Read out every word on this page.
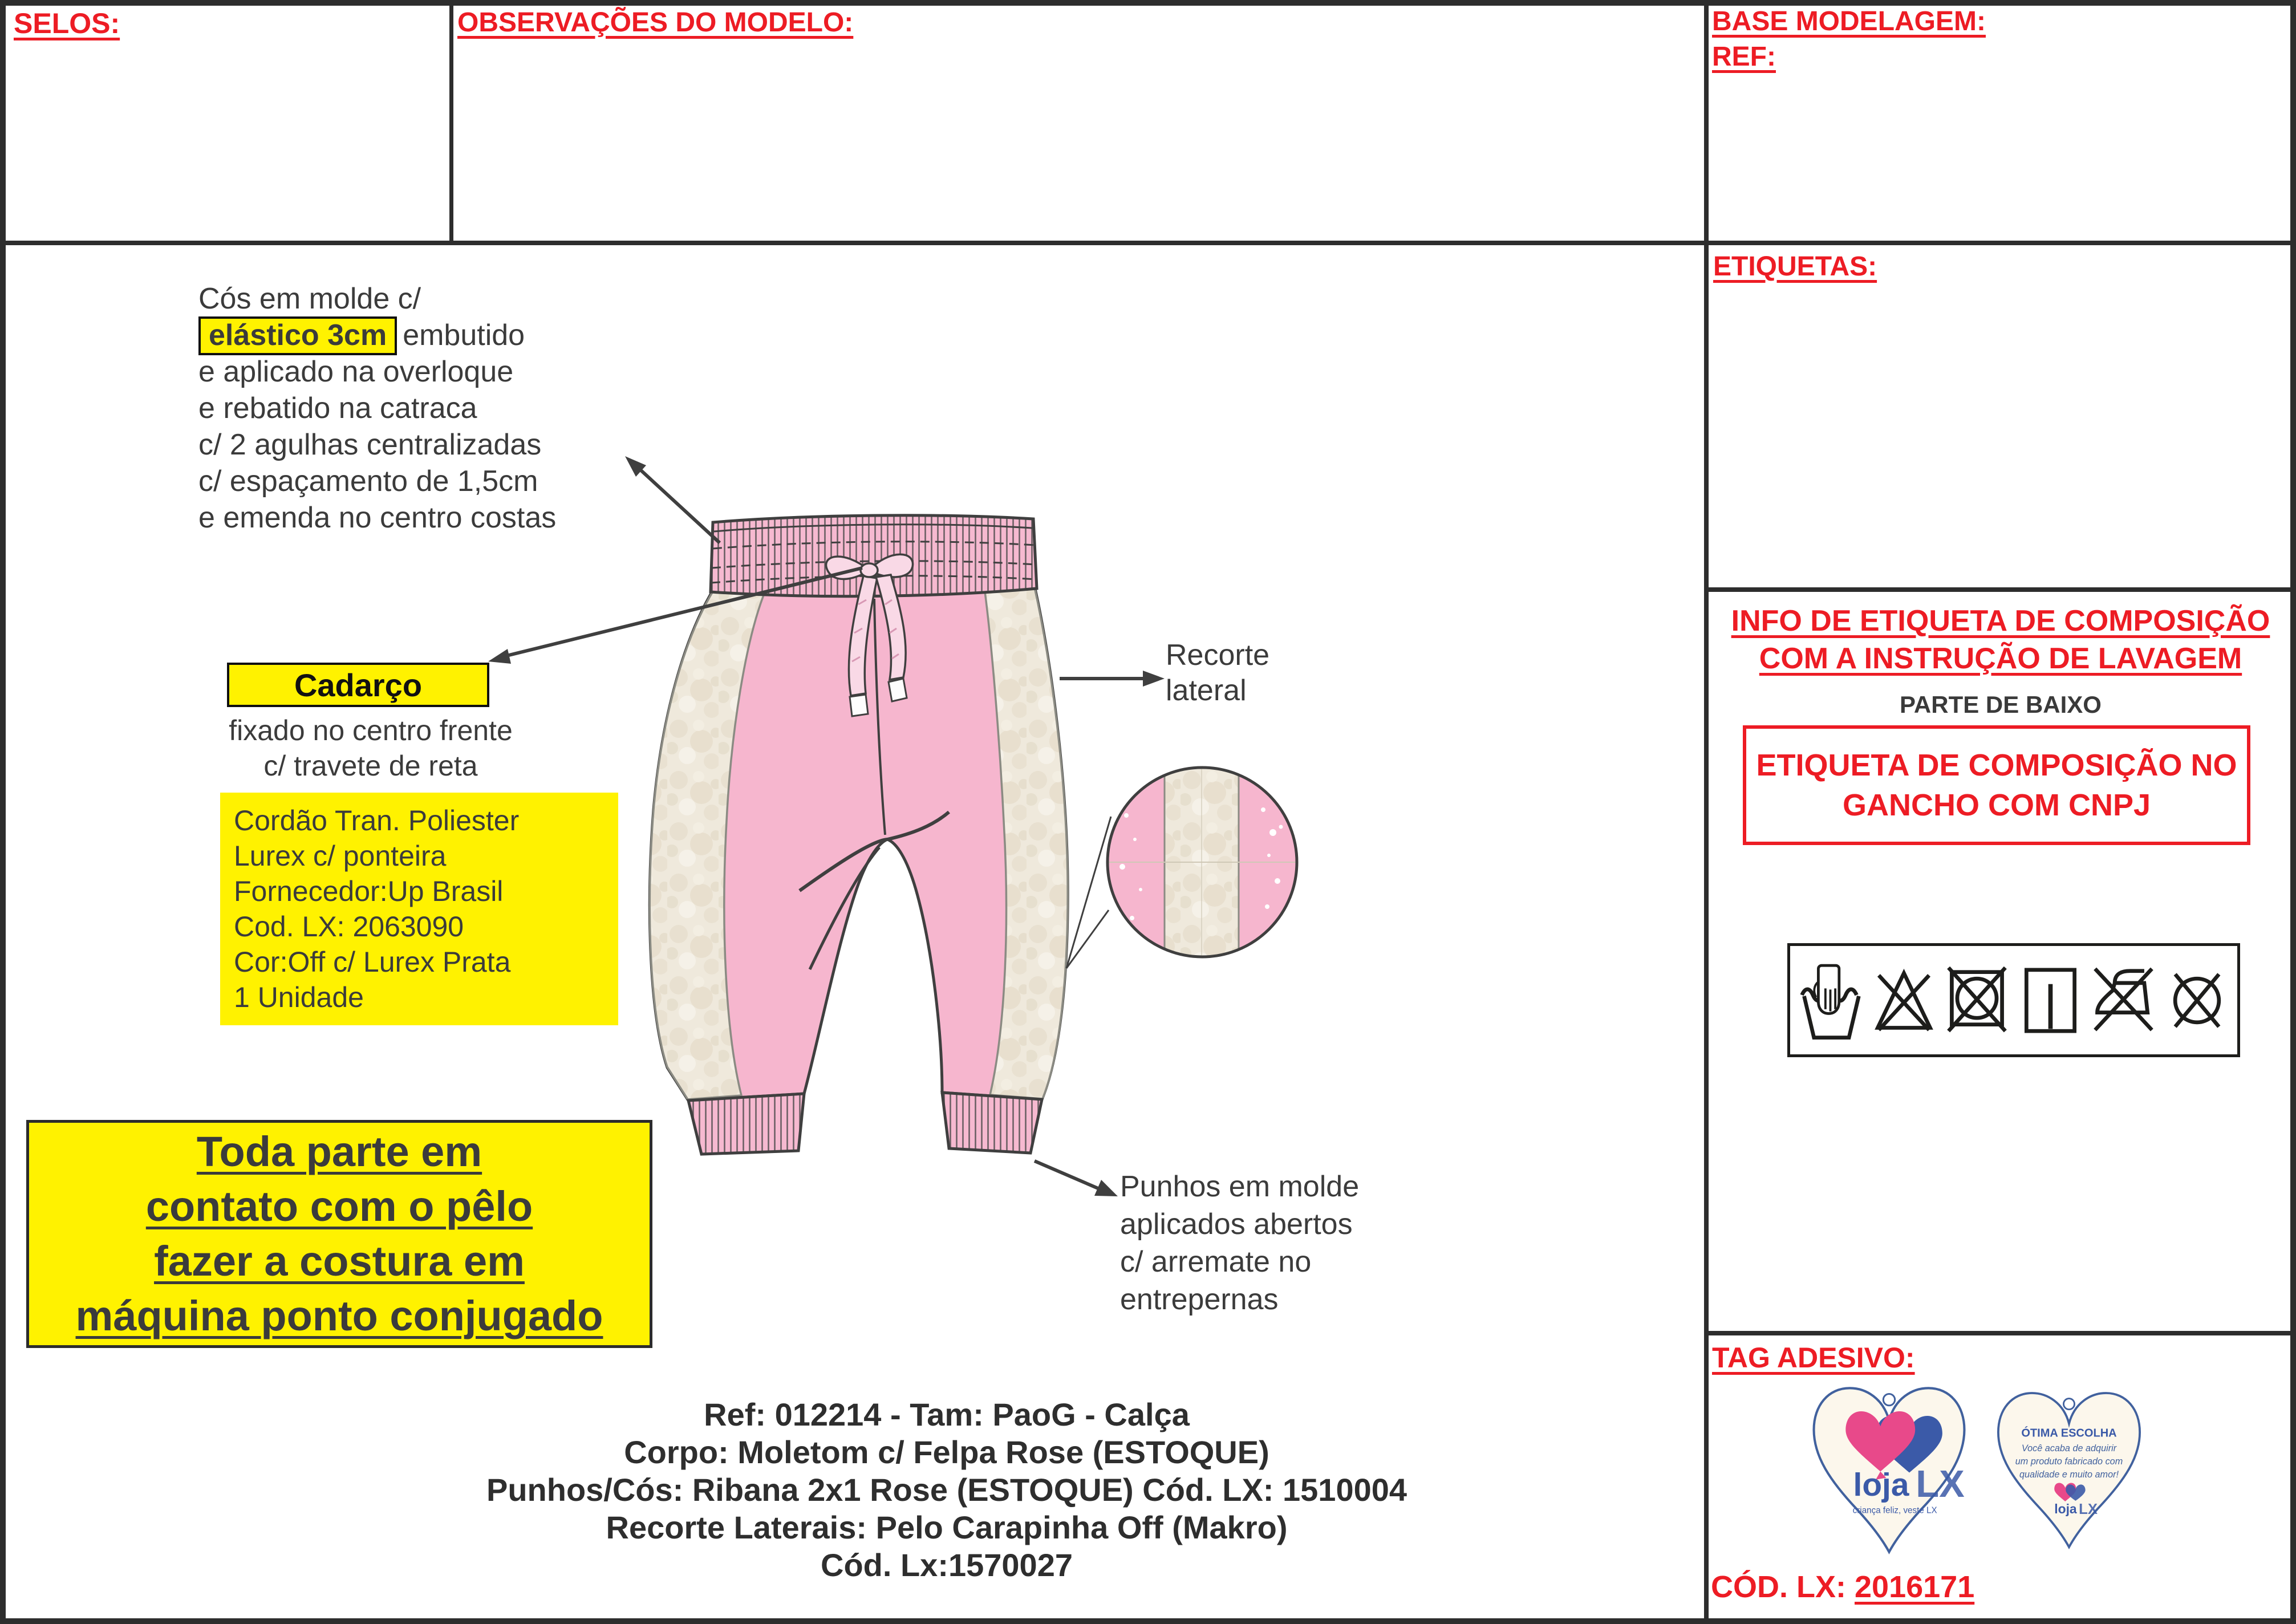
SELOS:	OBSERVAÇÕES DO MODELO:	BASE MODELAGEM:
REF:
Cós em molde c/
elástico 3cm embutido
e aplicado na overloque
e rebatido na catraca
c/ 2 agulhas centralizadas
c/ espaçamento de 1,5cm
e emenda no centro costas
Cadarço
fixado no centro frente
c/ travete de reta
Cordão Tran. Poliester
Lurex c/ ponteira
Fornecedor:Up Brasil
Cod. LX: 2063090
Cor:Off c/ Lurex Prata
1 Unidade
Recorte
lateral
Punhos em molde
aplicados abertos
c/ arremate no
entrepernas
Toda parte em
contato com o pêlo
fazer a costura em
máquina ponto conjugado
Ref: 012214 - Tam: PaoG - Calça
Corpo: Moletom c/ Felpa Rose (ESTOQUE)
Punhos/Cós: Ribana 2x1 Rose (ESTOQUE) Cód. LX: 1510004
Recorte Laterais: Pelo Carapinha Off (Makro)
Cód. Lx:1570027
ETIQUETAS:
INFO DE ETIQUETA DE COMPOSIÇÃO
COM A INSTRUÇÃO DE LAVAGEM
PARTE DE BAIXO
ETIQUETA DE COMPOSIÇÃO NO
GANCHO COM CNPJ
TAG ADESIVO:
loja LX
criança feliz, veste LX
ÓTIMA ESCOLHA
Você acaba de adquirir
um produto fabricado com
qualidade e muito amor!
loja LX
CÓD. LX: 2016171
